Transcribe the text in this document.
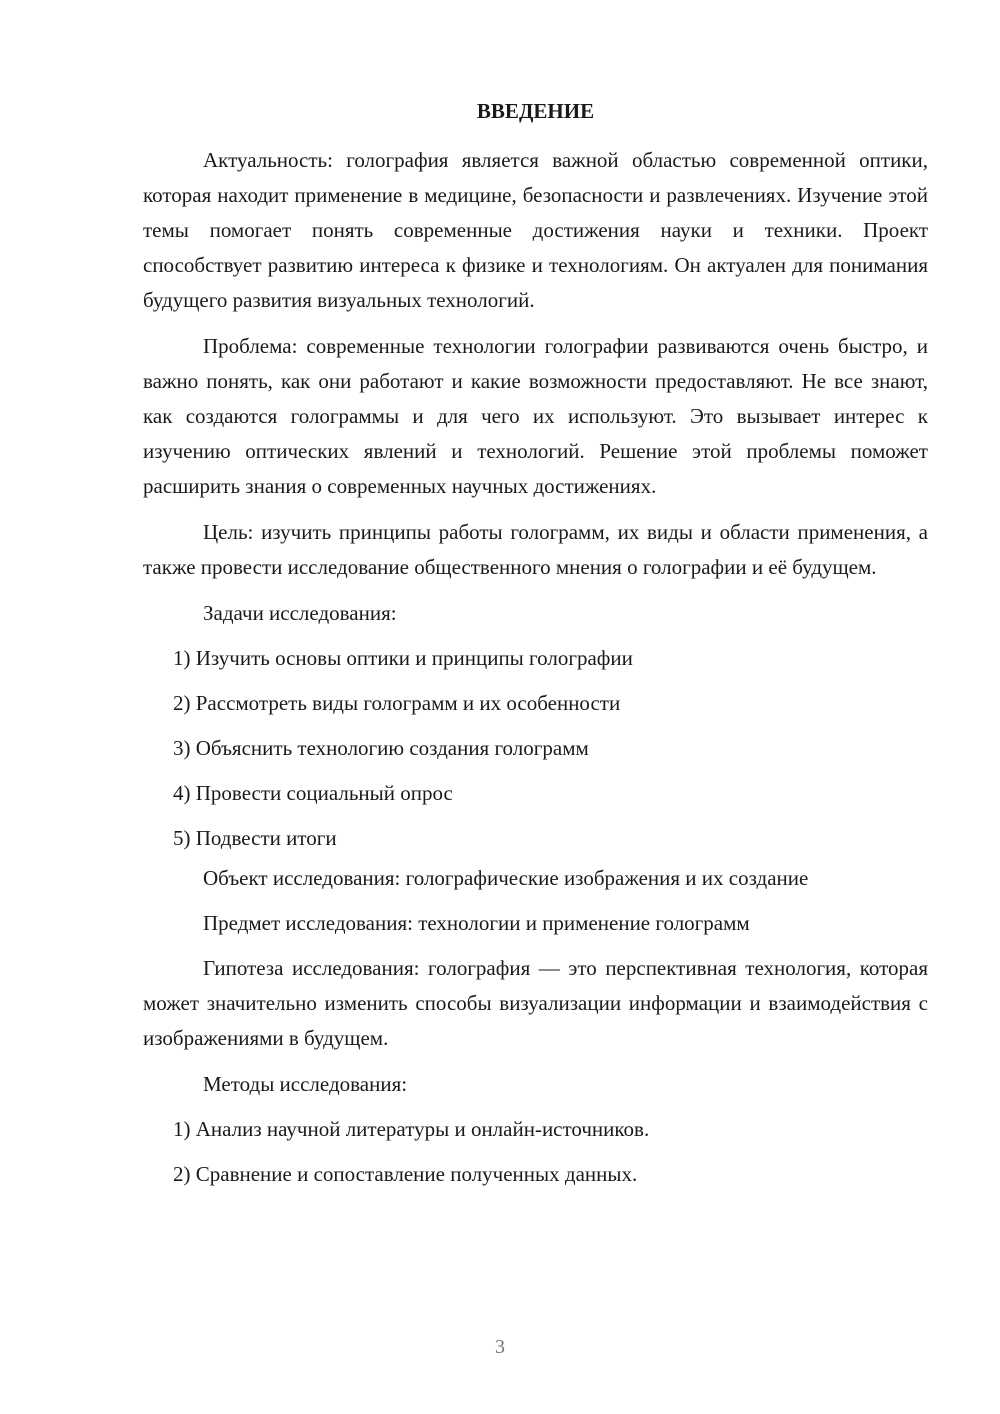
ВВЕДЕНИЕ

Актуальность: голография является важной областью современной оптики, которая находит применение в медицине, безопасности и развлечениях. Изучение этой темы помогает понять современные достижения науки и техники. Проект способствует развитию интереса к физике и технологиям. Он актуален для понимания будущего развития визуальных технологий.

Проблема: современные технологии голографии развиваются очень быстро, и важно понять, как они работают и какие возможности предоставляют. Не все знают, как создаются голограммы и для чего их используют. Это вызывает интерес к изучению оптических явлений и технологий. Решение этой проблемы поможет расширить знания о современных научных достижениях.

Цель: изучить принципы работы голограмм, их виды и области применения, а также провести исследование общественного мнения о голографии и её будущем.

Задачи исследования:
1) Изучить основы оптики и принципы голографии
2) Рассмотреть виды голограмм и их особенности
3) Объяснить технологию создания голограмм
4) Провести социальный опрос
5) Подвести итоги
Объект исследования: голографические изображения и их создание
Предмет исследования: технологии и применение голограмм

Гипотеза исследования: голография — это перспективная технология, которая может значительно изменить способы визуализации информации и взаимодействия с изображениями в будущем.

Методы исследования:
1) Анализ научной литературы и онлайн-источников.
2) Сравнение и сопоставление полученных данных.
3
